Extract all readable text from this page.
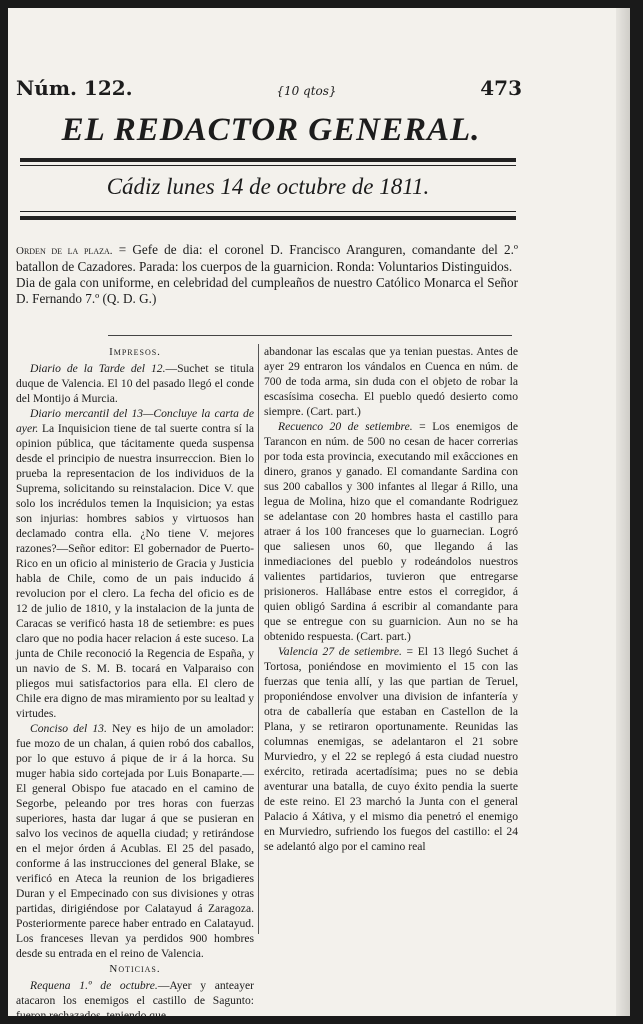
Núm. 122.	{10 qtos}	473
EL REDACTOR GENERAL.
Cádiz lunes 14 de octubre de 1811.

Orden de la plaza. = Gefe de dia: el coronel D. Francisco Aranguren, comandante del 2.º batallon de Cazadores. Parada: los cuerpos de la guarnicion. Ronda: Voluntarios Distinguidos.

Dia de gala con uniforme, en celebridad del cumpleaños de nuestro Católico Monarca el Señor D. Fernando 7.º (Q. D. G.)

Impresos.

Diario de la Tarde del 12.—Suchet se titula duque de Valencia. El 10 del pasado llegó el conde del Montijo á Murcia.

Diario mercantil del 13—Concluye la carta de ayer. La Inquisicion tiene de tal suerte contra sí la opinion pública, que tácitamente queda suspensa desde el principio de nuestra insurreccion. Bien lo prueba la representacion de los individuos de la Suprema, solicitando su reinstalacion. Dice V. que solo los incrédulos temen la Inquisicion; ya estas son injurias: hombres sabios y virtuosos han declamado contra ella. ¿No tiene V. mejores razones?—Señor editor: El gobernador de Puerto-Rico en un oficio al ministerio de Gracia y Justicia habla de Chile, como de un pais inducido á revolucion por el clero. La fecha del oficio es de 12 de julio de 1810, y la instalacion de la junta de Caracas se verificó hasta 18 de setiembre: es pues claro que no podia hacer relacion á este suceso. La junta de Chile reconoció la Regencia de España, y un navio de S. M. B. tocará en Valparaiso con pliegos mui satisfactorios para ella. El clero de Chile era digno de mas miramiento por su lealtad y virtudes.

Conciso del 13. Ney es hijo de un amolador: fue mozo de un chalan, á quien robó dos caballos, por lo que estuvo á pique de ir á la horca. Su muger habia sido cortejada por Luis Bonaparte.—El general Obispo fue atacado en el camino de Segorbe, peleando por tres horas con fuerzas superiores, hasta dar lugar á que se pusieran en salvo los vecinos de aquella ciudad; y retirándose en el mejor órden á Acublas. El 25 del pasado, conforme á las instrucciones del general Blake, se verificó en Ateca la reunion de los brigadieres Duran y el Empecinado con sus divisiones y otras partidas, dirigiéndose por Calatayud á Zaragoza. Posteriormente parece haber entrado en Calatayud. Los franceses llevan ya perdidos 900 hombres desde su entrada en el reino de Valencia.

Noticias.

Requena 1.º de octubre.—Ayer y anteayer atacaron los enemigos el castillo de Sagunto: fueron rechazados, teniendo que

abandonar las escalas que ya tenian puestas. Antes de ayer 29 entraron los vándalos en Cuenca en núm. de 700 de toda arma, sin duda con el objeto de robar la escasísima cosecha. El pueblo quedó desierto como siempre. (Cart. part.)

Recuenco 20 de setiembre. = Los enemigos de Tarancon en núm. de 500 no cesan de hacer correrias por toda esta provincia, executando mil exâcciones en dinero, granos y ganado. El comandante Sardina con sus 200 caballos y 300 infantes al llegar á Rillo, una legua de Molina, hizo que el comandante Rodriguez se adelantase con 20 hombres hasta el castillo para atraer á los 100 franceses que lo guarnecian. Logró que saliesen unos 60, que llegando á las inmediaciones del pueblo y rodeándolos nuestros valientes partidarios, tuvieron que entregarse prisioneros. Hallábase entre estos el corregidor, á quien obligó Sardina á escribir al comandante para que se entregue con su guarnicion. Aun no se ha obtenido respuesta. (Cart. part.)

Valencia 27 de setiembre. = El 13 llegó Suchet á Tortosa, poniéndose en movimiento el 15 con las fuerzas que tenia allí, y las que partian de Teruel, proponiéndose envolver una division de infantería y otra de caballería que estaban en Castellon de la Plana, y se retiraron oportunamente. Reunidas las columnas enemigas, se adelantaron el 21 sobre Murviedro, y el 22 se replegó á esta ciudad nuestro exército, retirada acertadísima; pues no se debia aventurar una batalla, de cuyo éxito pendia la suerte de este reino. El 23 marchó la Junta con el general Palacio á Xátiva, y el mismo dia penetró el enemigo en Murviedro, sufriendo los fuegos del castillo: el 24 se adelantó algo por el camino real
